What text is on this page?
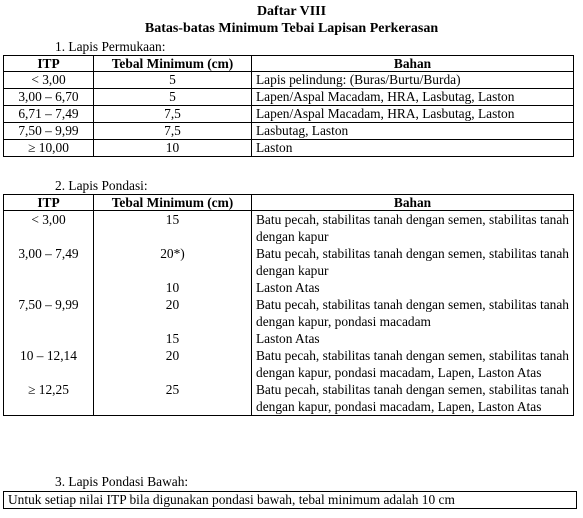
Daftar VIII
Batas-batas Minimum Tebai Lapisan Perkerasan
1. Lapis Permukaan:
ITP	Tebal Minimum (cm)	Bahan
< 3,00	5	Lapis pelindung: (Buras/Burtu/Burda)
3,00 – 6,70	5	Lapen/Aspal Macadam, HRA, Lasbutag, Laston
6,71 – 7,49	7,5	Lapen/Aspal Macadam, HRA, Lasbutag, Laston
7,50 – 9,99	7,5	Lasbutag, Laston
≥ 10,00	10	Laston
2. Lapis Pondasi:
ITP	Tebal Minimum (cm)	Bahan
< 3,00	15	Batu pecah, stabilitas tanah dengan semen, stabilitas tanah dengan kapur
3,00 – 7,49	20*)	Batu pecah, stabilitas tanah dengan semen, stabilitas tanah dengan kapur
	10	Laston Atas
7,50 – 9,99	20	Batu pecah, stabilitas tanah dengan semen, stabilitas tanah dengan kapur, pondasi macadam
	15	Laston Atas
10 – 12,14	20	Batu pecah, stabilitas tanah dengan semen, stabilitas tanah dengan kapur, pondasi macadam, Lapen, Laston Atas
≥ 12,25	25	Batu pecah, stabilitas tanah dengan semen, stabilitas tanah dengan kapur, pondasi macadam, Lapen, Laston Atas
3. Lapis Pondasi Bawah:
Untuk setiap nilai ITP bila digunakan pondasi bawah, tebal minimum adalah 10 cm
